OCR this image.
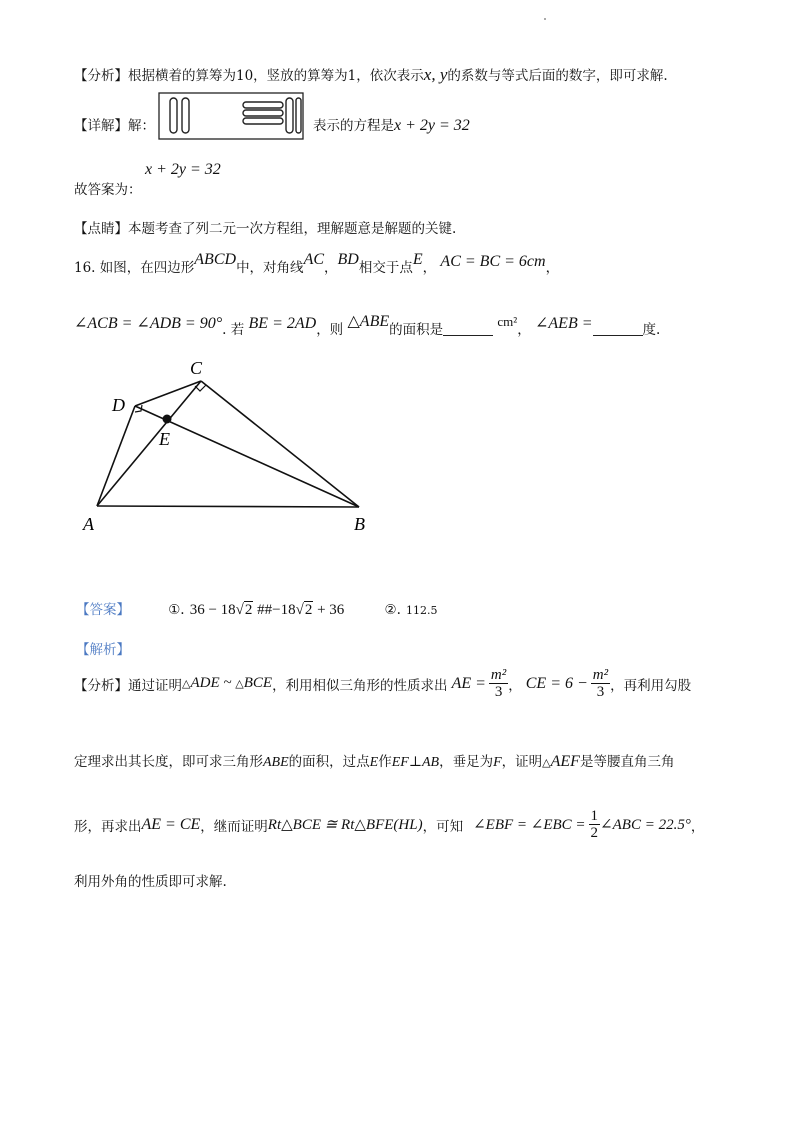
【分析】根据横着的算筹为10，竖放的算筹为1，依次表示x, y的系数与等式后面的数字，即可求解.
【详解】解：	表示的方程是x + 2y = 32
故答案为：
x + 2y = 32
【点睛】本题考查了列二元一次方程组，理解题意是解题的关键.
16. 如图，在四边形ABCD中，对角线AC，BD相交于点E， AC = BC = 6cm，
∠ACB = ∠ADB = 90°. 若 BE = 2AD，则 △ABE的面积是 cm²， ∠AEB =	度.
A	B
C
D
E
【答案】	①. 36 − 18√2 ##−18√2 + 36	②. 112.5
【解析】
【分析】 通过证明 △ADE ~ △BCE ，利用相似三角形的性质求出 AE = $\frac{\text{m²}}{3}$ ， CE = $6 - \frac{\text{m²}}{3}$ ，再利用勾股
定理求出其长度，即可求三角形ABE的面积，过点E作EF⊥AB，垂足为F，证明△AEF是等腰直角三角
形，再求出 AE = CE ，继而证明 Rt△BCE ≅ Rt△BFE(HL) ，可知 ∠EBF = ∠EBC = $\frac{1}{2}$ ∠ABC = 22.5° ，
利用外角的性质即可求解.
